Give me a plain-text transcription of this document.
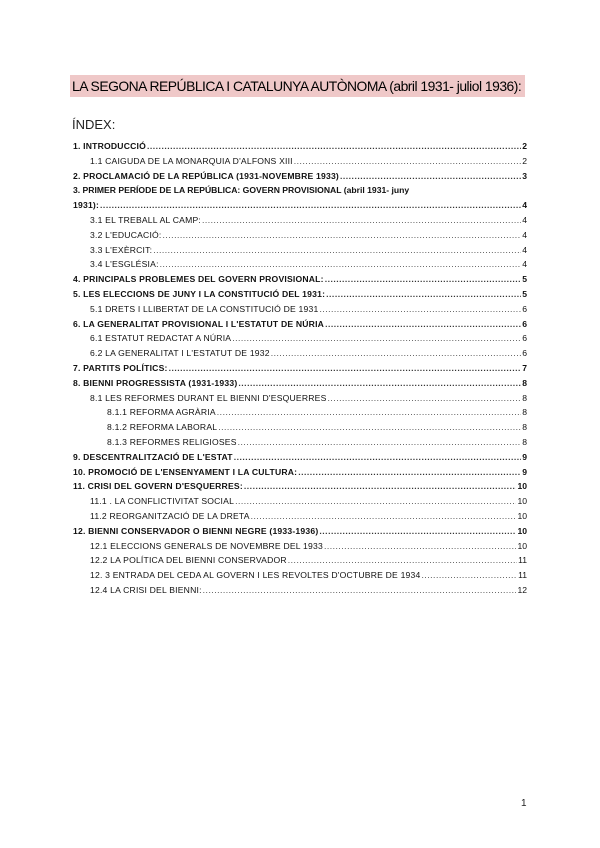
LA SEGONA REPÚBLICA I CATALUNYA AUTÒNOMA (abril 1931- juliol 1936):
ÍNDEX:
1. INTRODUCCIÓ .....	2
1.1 CAIGUDA DE LA MONARQUIA D'ALFONS XIII .....	2
2. PROCLAMACIÓ DE LA REPÚBLICA (1931-NOVEMBRE 1933) .....	3
3. PRIMER PERÍODE DE LA REPÚBLICA: GOVERN PROVISIONAL (abril 1931- juny
1931): .....	4
3.1 EL TREBALL AL CAMP: .....	4
3.2 L'EDUCACIÓ: .....	4
3.3 L'EXÈRCIT: .....	4
3.4 L'ESGLÉSIA: .....	4
4. PRINCIPALS PROBLEMES DEL GOVERN PROVISIONAL: .....	5
5. LES ELECCIONS DE JUNY I LA CONSTITUCIÓ DEL 1931: .....	5
5.1 DRETS I LLIBERTAT DE LA CONSTITUCIÓ DE 1931 .....	6
6. LA GENERALITAT PROVISIONAL I L'ESTATUT DE NÚRIA .....	6
6.1 ESTATUT REDACTAT A NÚRIA .....	6
6.2 LA GENERALITAT I L'ESTATUT DE 1932 .....	6
7. PARTITS POLÍTICS: .....	7
8. BIENNI PROGRESSISTA (1931-1933) .....	8
8.1 LES REFORMES DURANT EL BIENNI D'ESQUERRES .....	8
8.1.1 REFORMA AGRÀRIA .....	8
8.1.2 REFORMA LABORAL .....	8
8.1.3 REFORMES RELIGIOSES .....	8
9. DESCENTRALITZACIÓ DE L'ESTAT .....	9
10. PROMOCIÓ DE L'ENSENYAMENT I LA CULTURA: .....	9
11. CRISI DEL GOVERN D'ESQUERRES: .....	10
11.1 . LA CONFLICTIVITAT SOCIAL .....	10
11.2 REORGANITZACIÓ DE LA DRETA .....	10
12. BIENNI CONSERVADOR O BIENNI NEGRE (1933-1936) .....	10
12.1 ELECCIONS GENERALS DE NOVEMBRE DEL 1933 .....	10
12.2 LA POLÍTICA DEL BIENNI CONSERVADOR .....	11
12. 3 ENTRADA DEL CEDA AL GOVERN I LES REVOLTES D'OCTUBRE DE 1934 .....	11
12.4 LA CRISI DEL BIENNI: .....	12
1
